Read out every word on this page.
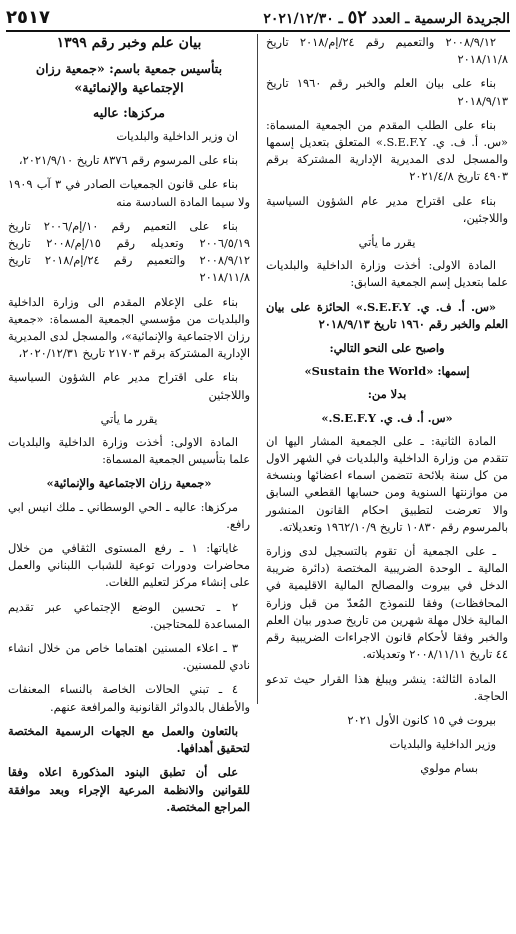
الجريدة الرسمية ـ العدد ٥٢ ـ ٢٠٢١/١٢/٣٠
٢٥١٧

٢٠٠٨/٩/١٢ والتعميم رقم ٢٤/إم/٢٠١٨ تاريخ ٢٠١٨/١١/٨

بناء على بيان العلم والخبر رقم ١٩٦٠ تاريخ ٢٠١٨/٩/١٣

بناء على الطلب المقدم من الجمعية المسماة: «س. أ. ف. ي. S.E.F.Y.» المتعلق بتعديل إسمها والمسجل لدى المديرية الإدارية المشتركة برقم ٤٩٠٣ تاريخ ٢٠٢١/٤/٨

بناء على اقتراح مدير عام الشؤون السياسية واللاجئين،

يقرر ما يأتي

المادة الاولى: أخذت وزارة الداخلية والبلديات علما بتعديل إسم الجمعية السابق:

«س. أ. ف. ي. S.E.F.Y.» الحائزة على بيان العلم والخبر رقم ١٩٦٠ تاريخ ٢٠١٨/٩/١٣

واصبح على النحو التالي:

إسمها: «Sustain the World»

بدلا من:

«س. أ. ف. ي. S.E.F.Y.»

المادة الثانية: ـ على الجمعية المشار اليها ان تتقدم من وزارة الداخلية والبلديات في الشهر الاول من كل سنة بلائحة تتضمن اسماء اعضائها وبنسخة من موازنتها السنوية ومن حسابها القطعي السابق والا تعرضت لتطبيق احكام القانون المنشور بالمرسوم رقم ١٠٨٣٠ تاريخ ١٩٦٢/١٠/٩ وتعديلاته.

ـ على الجمعية أن تقوم بالتسجيل لدى وزارة المالية ـ الوحدة الضريبية المختصة (دائرة ضريبة الدخل في بيروت والمصالح المالية الاقليمية في المحافظات) وفقا للنموذج المُعدّ من قبل وزارة المالية خلال مهلة شهرين من تاريخ صدور بيان العلم والخبر وفقا لأحكام قانون الاجراءات الضريبية رقم ٤٤ تاريخ ٢٠٠٨/١١/١١ وتعديلاته.

المادة الثالثة: ينشر ويبلغ هذا القرار حيث تدعو الحاجة.

بيروت في ١٥ كانون الأول ٢٠٢١

وزير الداخلية والبلديات

بسام مولوي

بيان علم وخبر رقم ١٣٩٩

بتأسيس جمعية باسم: «جمعية رزان الإجتماعية والإنمائية»

مركزها: عاليه

ان وزير الداخلية والبلديات

بناء على المرسوم رقم ٨٣٧٦ تاريخ ٢٠٢١/٩/١٠،

بناء على قانون الجمعيات الصادر في ٣ آب ١٩٠٩ ولا سيما المادة السادسة منه

بناء على التعميم رقم ١٠/إم/٢٠٠٦ تاريخ ٢٠٠٦/٥/١٩ وتعديله رقم ١٥/إم/٢٠٠٨ تاريخ ٢٠٠٨/٩/١٢ والتعميم رقم ٢٤/إم/٢٠١٨ تاريخ ٢٠١٨/١١/٨

بناء على الإعلام المقدم الى وزارة الداخلية والبلديات من مؤسسي الجمعية المسماة: «جمعية رزان الاجتماعية والإنمائية»، والمسجل لدى المديرية الإدارية المشتركة برقم ٢١٧٠٣ تاريخ ٢٠٢٠/١٢/٣١،

بناء على اقتراح مدير عام الشؤون السياسية واللاجئين

يقرر ما يأتي

المادة الاولى: أخذت وزارة الداخلية والبلديات علما بتأسيس الجمعية المسماة:

«جمعية رزان الاجتماعية والإنمائية»

مركزها: عاليه ـ الحي الوسطاني ـ ملك انيس ابي رافع.

غاياتها: ١ ـ رفع المستوى الثقافي من خلال محاضرات ودورات توعية للشباب اللبناني والعمل على إنشاء مركز لتعليم اللغات.

٢ ـ تحسين الوضع الإجتماعي عبر تقديم المساعدة للمحتاجين.

٣ ـ اعلاء المسنين اهتماما خاص من خلال انشاء نادي للمسنين.

٤ ـ تبني الحالات الخاصة بالنساء المعنفات والأطفال بالدوائر القانونية والمرافعة عنهم.

بالتعاون والعمل مع الجهات الرسمية المختصة لتحقيق أهدافها.

على أن تطبق البنود المذكورة اعلاه وفقا للقوانين والانظمة المرعية الإجراء وبعد موافقة المراجع المختصة.
